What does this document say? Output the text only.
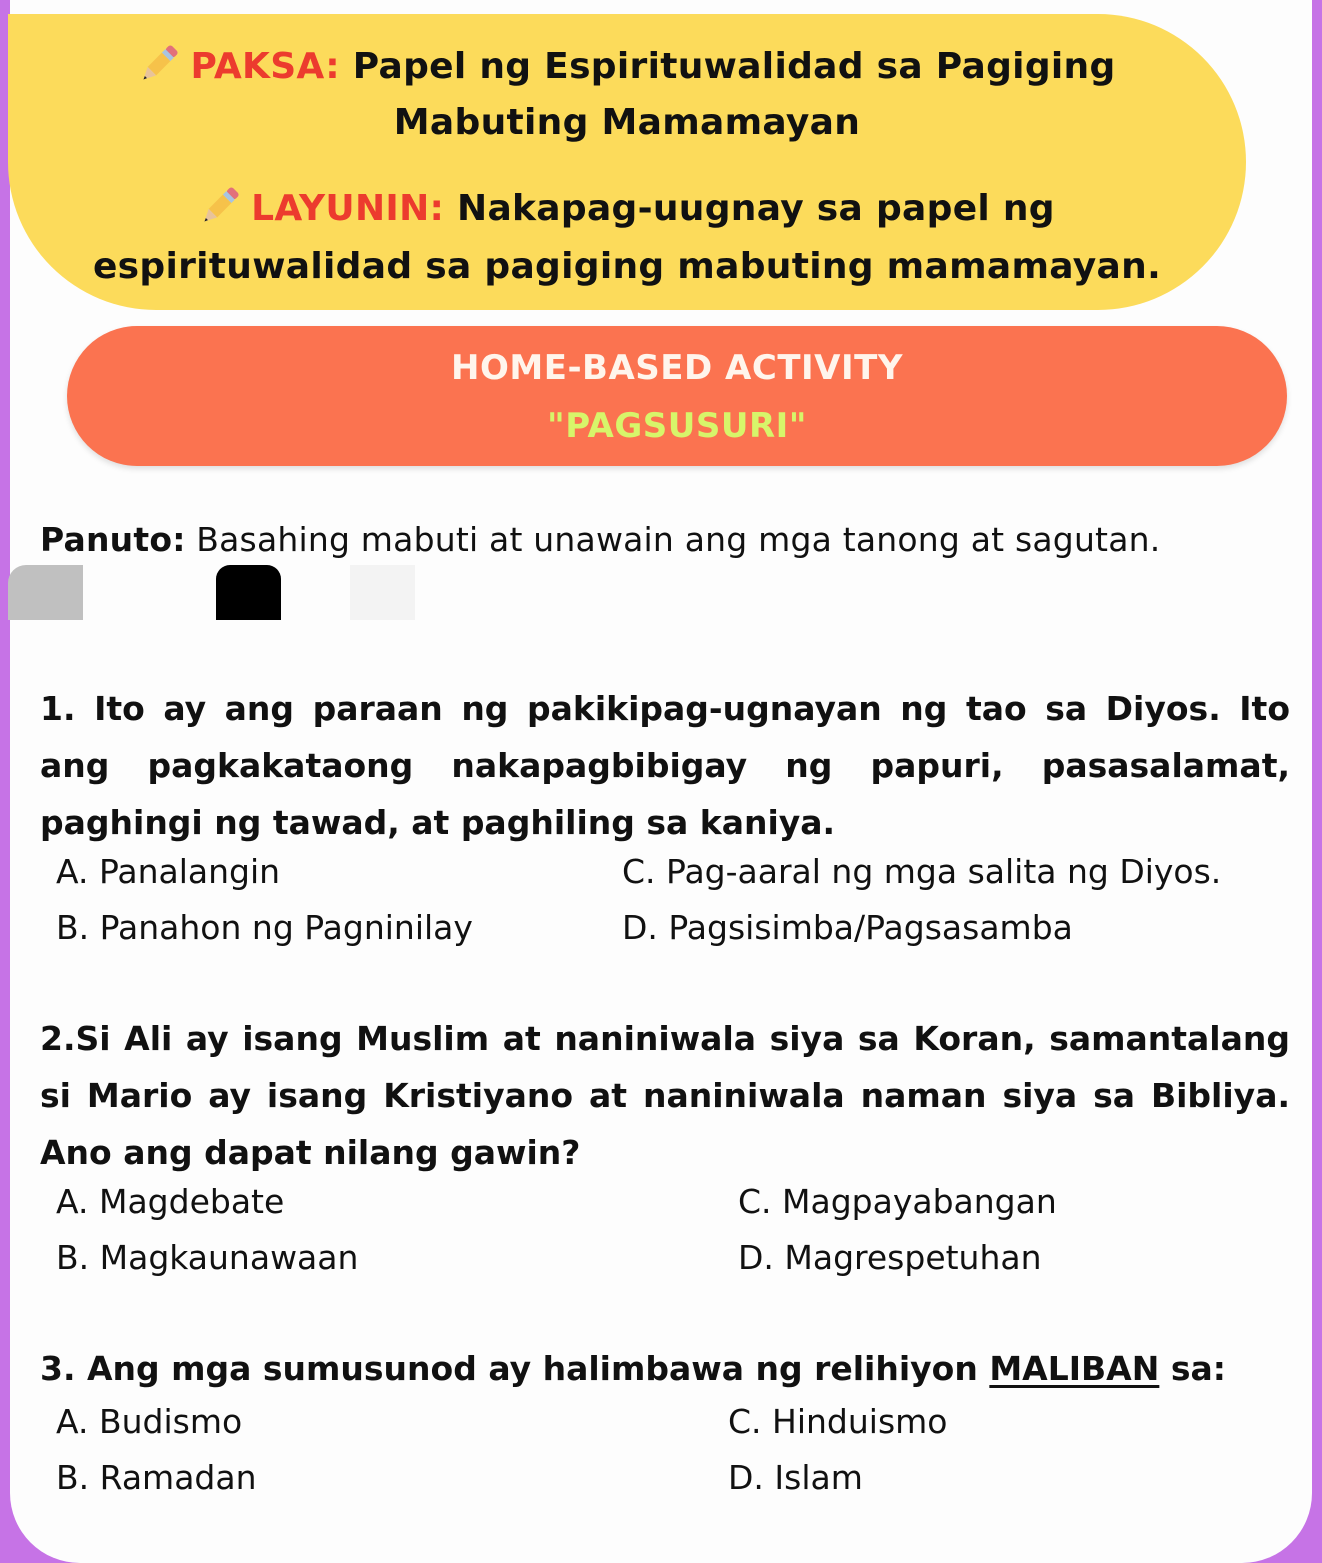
PAKSA: Papel ng Espirituwalidad sa Pagiging
Mabuting Mamamayan
LAYUNIN: Nakapag-uugnay sa papel ng
espirituwalidad sa pagiging mabuting mamamayan.
HOME-BASED ACTIVITY
"PAGSUSURI"
Panuto: Basahing mabuti at unawain ang mga tanong at sagutan.
1. Ito ay ang paraan ng pakikipag-ugnayan ng tao sa Diyos. Ito ang pagkakataong nakapagbibigay ng papuri, pasasalamat, paghingi ng tawad, at paghiling sa kaniya.
A. Panalangin	C. Pag-aaral ng mga salita ng Diyos.
B. Panahon ng Pagninilay	D. Pagsisimba/Pagsasamba
2.Si Ali ay isang Muslim at naniniwala siya sa Koran, samantalang si Mario ay isang Kristiyano at naniniwala naman siya sa Bibliya. Ano ang dapat nilang gawin?
A. Magdebate	C. Magpayabangan
B. Magkaunawaan	D. Magrespetuhan
3. Ang mga sumusunod ay halimbawa ng relihiyon MALIBAN sa:
A. Budismo	C. Hinduismo
B. Ramadan	D. Islam
